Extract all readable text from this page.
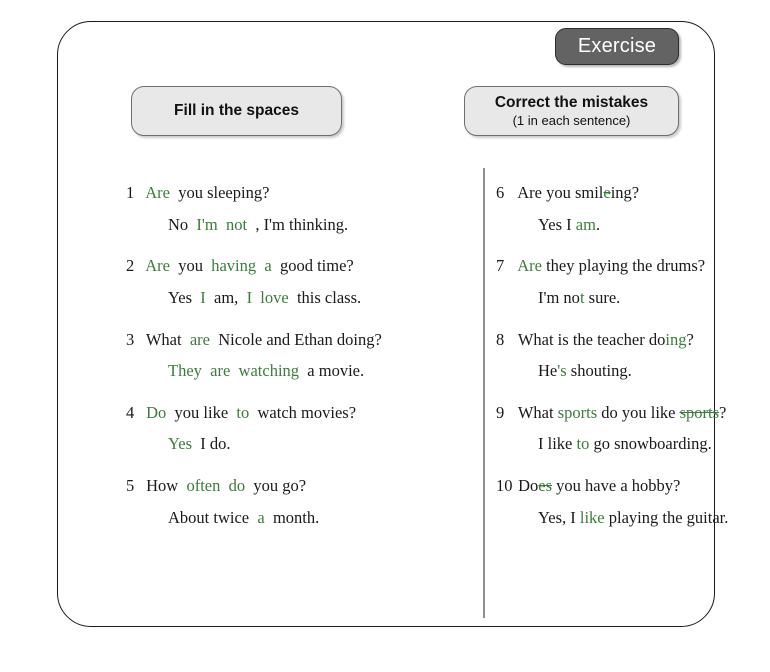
1 Are  you sleeping?
No  I'm  not  , I'm thinking.
2 Are  you  having  a  good time?
Yes  I  am,  I  love  this class.
3 What  are  Nicole and Ethan doing?
They  are  watching  a movie.
4 Do  you like  to  watch movies?
Yes  I do.
5 How  often  do  you go?
About twice  a  month.
6 Are you smileing?
Yes I am.
7 Are they playing the drums?
I'm not sure.
8 What is the teacher doing?
He's shouting.
9 What sports do you like sports?
I like to go snowboarding.
10 Does you have a hobby?
Yes, I like playing the guitar.
Exercise
Fill in the spaces	Correct the mistakes
(1 in each sentence)
